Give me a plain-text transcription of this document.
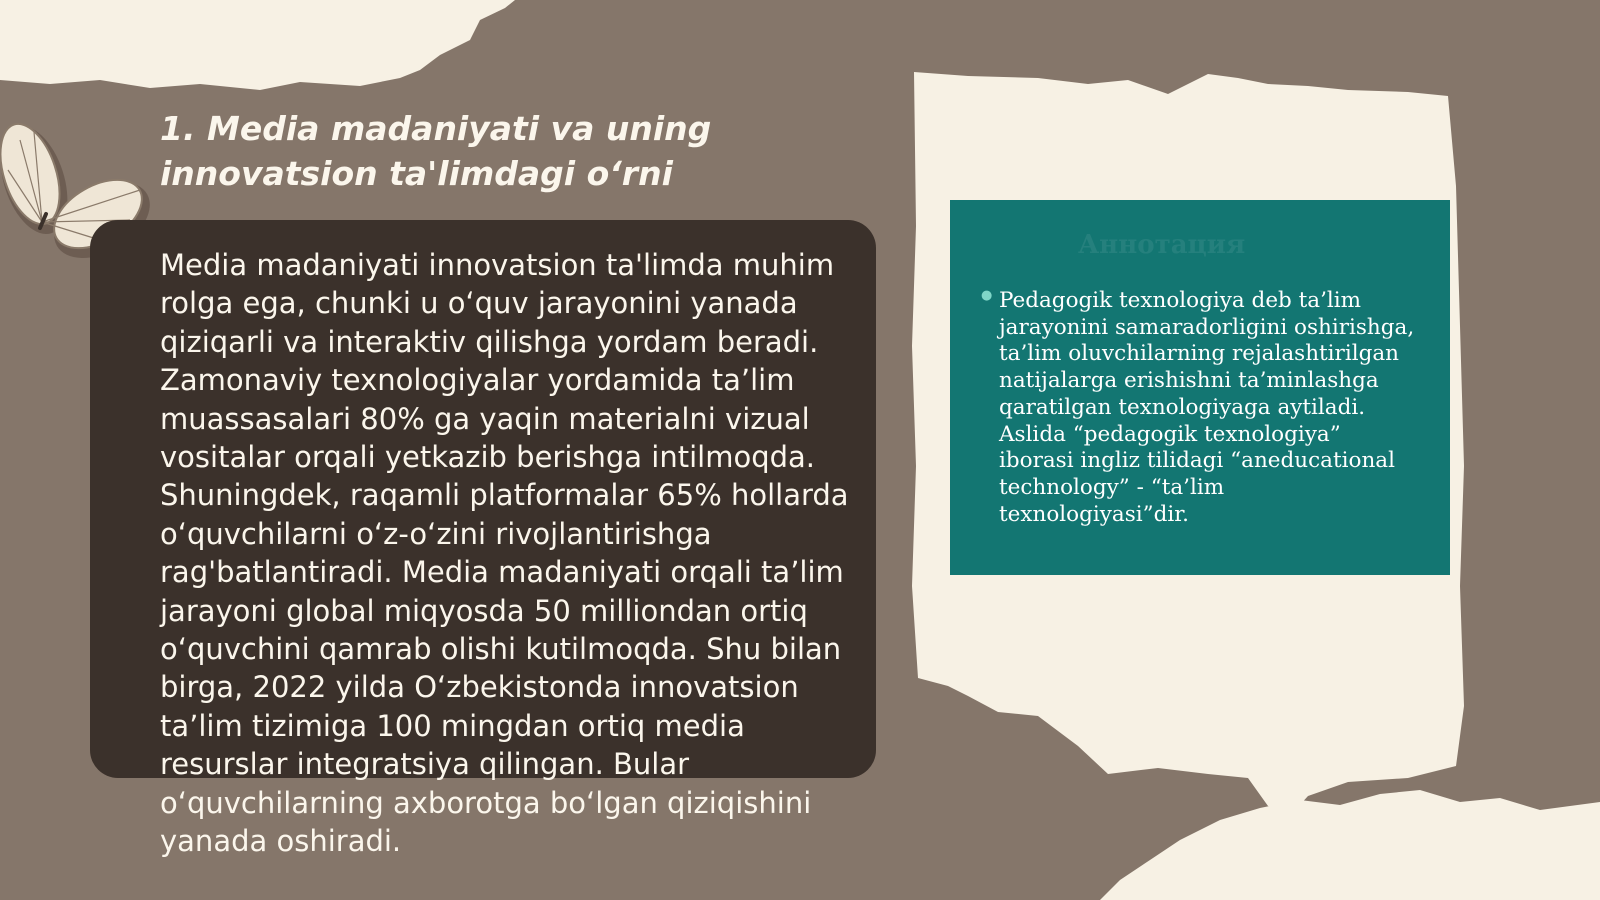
1. Media madaniyati va uning innovatsion ta'limdagi o‘rni

Media madaniyati innovatsion ta'limda muhim rolga ega, chunki u o‘quv jarayonini yanada qiziqarli va interaktiv qilishga yordam beradi. Zamonaviy texnologiyalar yordamida ta’lim muassasalari 80% ga yaqin materialni vizual vositalar orqali yetkazib berishga intilmoqda. Shuningdek, raqamli platformalar 65% hollarda o‘quvchilarni o‘z-o‘zini rivojlantirishga rag'batlantiradi. Media madaniyati orqali ta’lim jarayoni global miqyosda 50 milliondan ortiq o‘quvchini qamrab olishi kutilmoqda. Shu bilan birga, 2022 yilda O‘zbekistonda innovatsion ta’lim tizimiga 100 mingdan ortiq media resurslar integratsiya qilingan. Bular o‘quvchilarning axborotga bo‘lgan qiziqishini yanada oshiradi.

Аннотация
● Pedagogik texnologiya deb ta’lim jarayonini samaradorligini oshirishga, ta’lim oluvchilarning rejalashtirilgan natijalarga erishishni ta’minlashga qaratilgan texnologiyaga aytiladi. Aslida “pedagogik texnologiya” iborasi ingliz tilidagi “aneducational technology” - “ta’lim texnologiyasi”dir.
